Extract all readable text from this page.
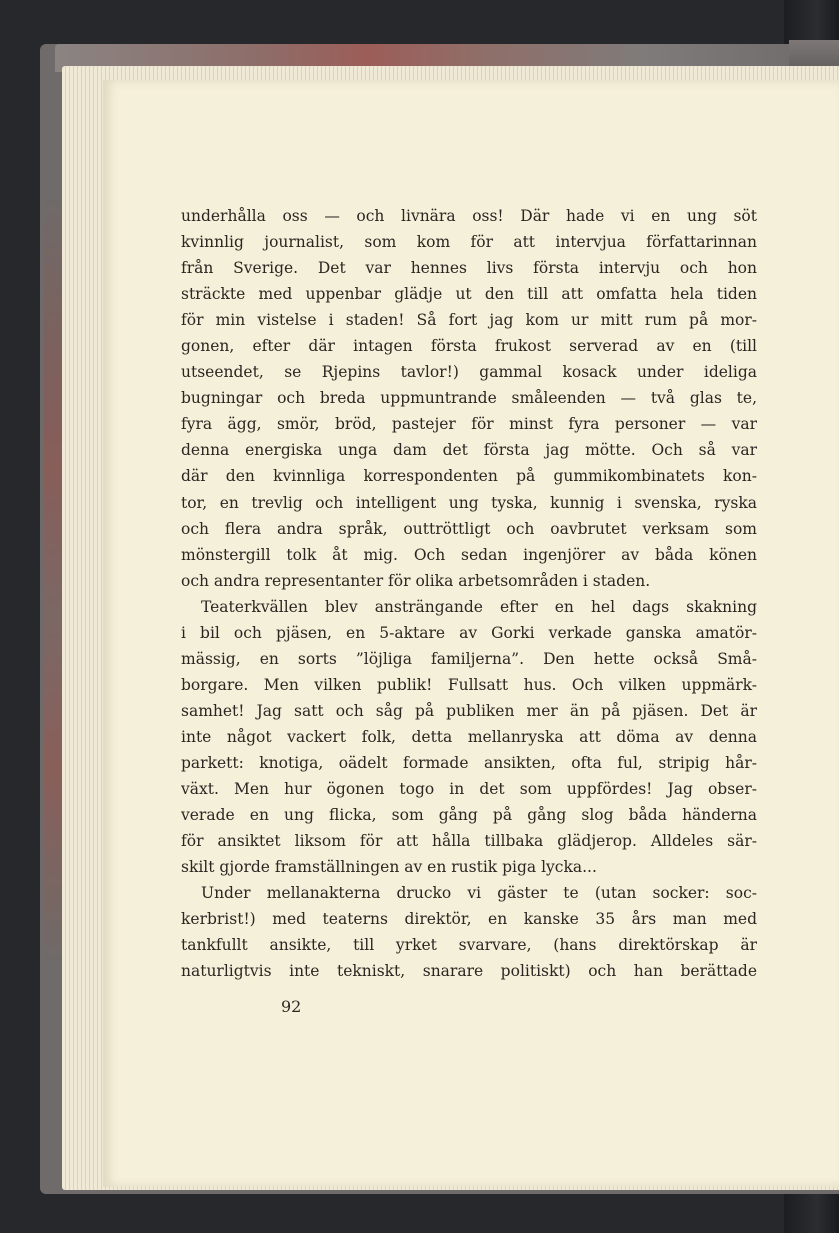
underhålla oss — och livnära oss! Där hade vi en ung söt
kvinnlig journalist, som kom för att intervjua författarinnan
från Sverige. Det var hennes livs första intervju och hon
sträckte med uppenbar glädje ut den till att omfatta hela tiden
för min vistelse i staden! Så fort jag kom ur mitt rum på mor-
gonen, efter där intagen första frukost serverad av en (till
utseendet, se Rjepins tavlor!) gammal kosack under ideliga
bugningar och breda uppmuntrande småleenden — två glas te,
fyra ägg, smör, bröd, pastejer för minst fyra personer — var
denna energiska unga dam det första jag mötte. Och så var
där den kvinnliga korrespondenten på gummikombinatets kon-
tor, en trevlig och intelligent ung tyska, kunnig i svenska, ryska
och flera andra språk, outtröttligt och oavbrutet verksam som
mönstergill tolk åt mig. Och sedan ingenjörer av båda könen
och andra representanter för olika arbetsområden i staden.
Teaterkvällen blev ansträngande efter en hel dags skakning
i bil och pjäsen, en 5-aktare av Gorki verkade ganska amatör-
mässig, en sorts ”löjliga familjerna”. Den hette också Små-
borgare. Men vilken publik! Fullsatt hus. Och vilken uppmärk-
samhet! Jag satt och såg på publiken mer än på pjäsen. Det är
inte något vackert folk, detta mellanryska att döma av denna
parkett: knotiga, oädelt formade ansikten, ofta ful, stripig hår-
växt. Men hur ögonen togo in det som uppfördes! Jag obser-
verade en ung flicka, som gång på gång slog båda händerna
för ansiktet liksom för att hålla tillbaka glädjerop. Alldeles sär-
skilt gjorde framställningen av en rustik piga lycka...
Under mellanakterna drucko vi gäster te (utan socker: soc-
kerbrist!) med teaterns direktör, en kanske 35 års man med
tankfullt ansikte, till yrket svarvare, (hans direktörskap är
naturligtvis inte tekniskt, snarare politiskt) och han berättade
92
